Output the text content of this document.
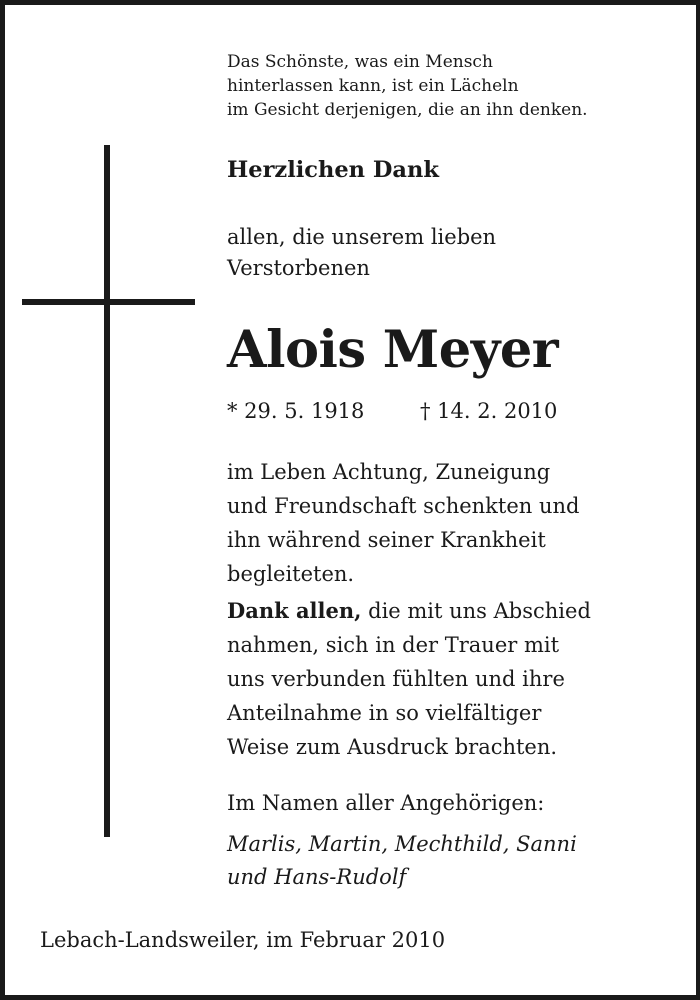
Das Schönste, was ein Mensch
hinterlassen kann, ist ein Lächeln
im Gesicht derjenigen, die an ihn denken.
Herzlichen Dank
allen, die unserem lieben
Verstorbenen
Alois Meyer
* 29. 5. 1918	† 14. 2. 2010
im Leben Achtung, Zuneigung
und Freundschaft schenkten und
ihn während seiner Krankheit
begleiteten.
Dank allen, die mit uns Abschied
nahmen, sich in der Trauer mit
uns verbunden fühlten und ihre
Anteilnahme in so vielfältiger
Weise zum Ausdruck brachten.
Im Namen aller Angehörigen:
Marlis, Martin, Mechthild, Sanni
und Hans-Rudolf
Lebach-Landsweiler, im Februar 2010
